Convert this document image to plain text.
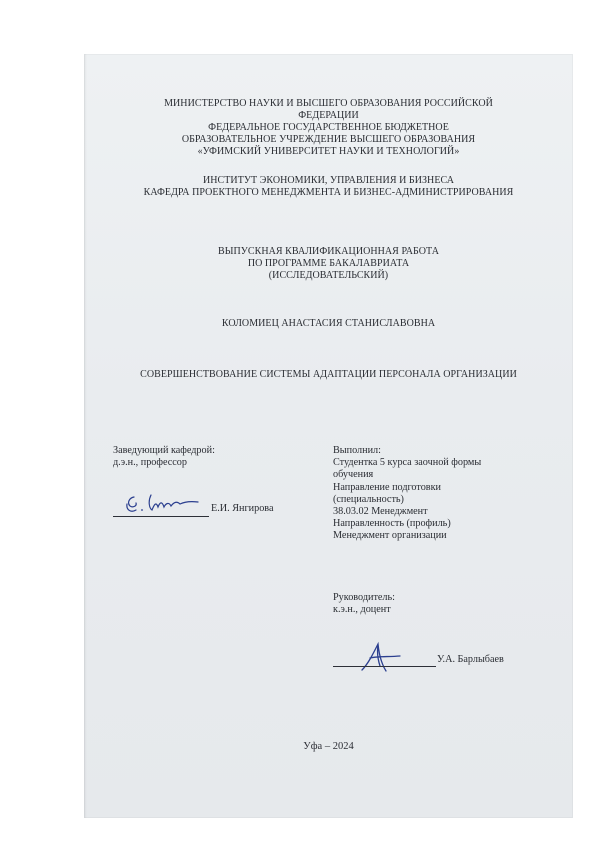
МИНИСТЕРСТВО НАУКИ И ВЫСШЕГО ОБРАЗОВАНИЯ РОССИЙСКОЙ
ФЕДЕРАЦИИ
ФЕДЕРАЛЬНОЕ ГОСУДАРСТВЕННОЕ БЮДЖЕТНОЕ
ОБРАЗОВАТЕЛЬНОЕ УЧРЕЖДЕНИЕ ВЫСШЕГО ОБРАЗОВАНИЯ
«УФИМСКИЙ УНИВЕРСИТЕТ НАУКИ И ТЕХНОЛОГИЙ»
ИНСТИТУТ ЭКОНОМИКИ, УПРАВЛЕНИЯ И БИЗНЕСА
КАФЕДРА ПРОЕКТНОГО МЕНЕДЖМЕНТА И БИЗНЕС-АДМИНИСТРИРОВАНИЯ
ВЫПУСКНАЯ КВАЛИФИКАЦИОННАЯ РАБОТА
ПО ПРОГРАММЕ БАКАЛАВРИАТА
(ИССЛЕДОВАТЕЛЬСКИЙ)
КОЛОМИЕЦ АНАСТАСИЯ СТАНИСЛАВОВНА
СОВЕРШЕНСТВОВАНИЕ СИСТЕМЫ АДАПТАЦИИ ПЕРСОНАЛА ОРГАНИЗАЦИИ
Заведующий кафедрой:
д.э.н., профессор
Е.И. Янгирова
Выполнил:
Студентка 5 курса заочной формы
обучения
Направление подготовки
(специальность)
38.03.02 Менеджмент
Направленность (профиль)
Менеджмент организации
Руководитель:
к.э.н., доцент
У.А. Барлыбаев
Уфа – 2024
